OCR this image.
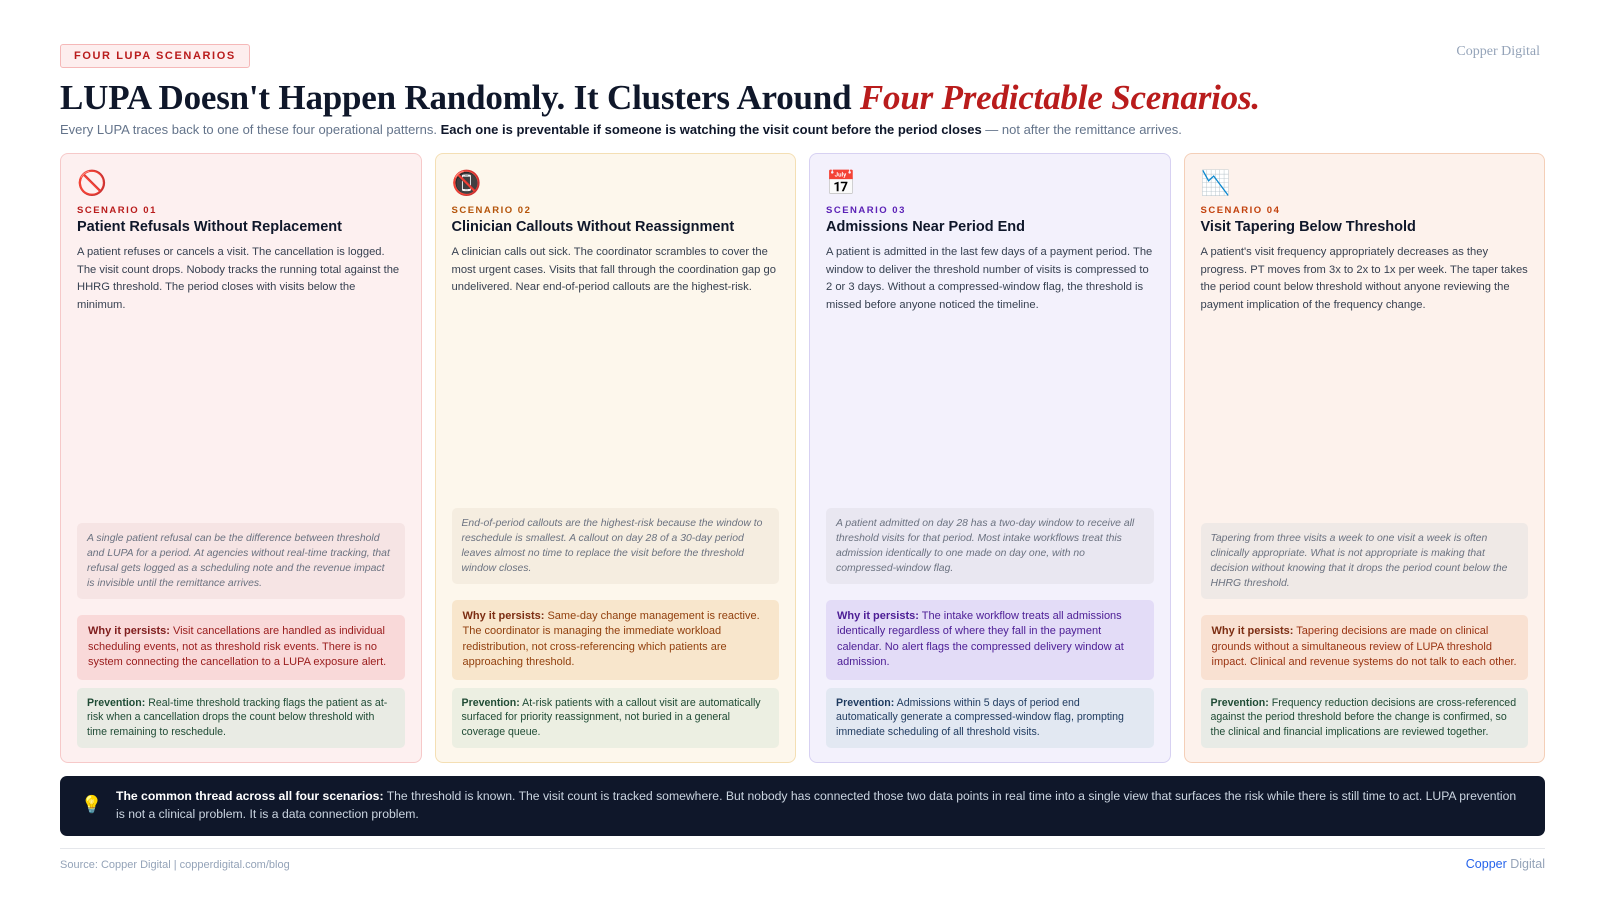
Copper Digital
FOUR LUPA SCENARIOS
LUPA Doesn't Happen Randomly. It Clusters Around Four Predictable Scenarios.

Every LUPA traces back to one of these four operational patterns. Each one is preventable if someone is watching the visit count before the period closes — not after the remittance arrives.

🚫
SCENARIO 01
Patient Refusals Without Replacement
A patient refuses or cancels a visit. The cancellation is logged. The visit count drops. Nobody tracks the running total against the HHRG threshold. The period closes with visits below the minimum.
A single patient refusal can be the difference between threshold and LUPA for a period. At agencies without real-time tracking, that refusal gets logged as a scheduling note and the revenue impact is invisible until the remittance arrives.
Why it persists: Visit cancellations are handled as individual scheduling events, not as threshold risk events. There is no system connecting the cancellation to a LUPA exposure alert.
Prevention: Real-time threshold tracking flags the patient as at-risk when a cancellation drops the count below threshold with time remaining to reschedule.
📵
SCENARIO 02
Clinician Callouts Without Reassignment
A clinician calls out sick. The coordinator scrambles to cover the most urgent cases. Visits that fall through the coordination gap go undelivered. Near end-of-period callouts are the highest-risk.
End-of-period callouts are the highest-risk because the window to reschedule is smallest. A callout on day 28 of a 30-day period leaves almost no time to replace the visit before the threshold window closes.
Why it persists: Same-day change management is reactive. The coordinator is managing the immediate workload redistribution, not cross-referencing which patients are approaching threshold.
Prevention: At-risk patients with a callout visit are automatically surfaced for priority reassignment, not buried in a general coverage queue.
📅
SCENARIO 03
Admissions Near Period End
A patient is admitted in the last few days of a payment period. The window to deliver the threshold number of visits is compressed to 2 or 3 days. Without a compressed-window flag, the threshold is missed before anyone noticed the timeline.
A patient admitted on day 28 has a two-day window to receive all threshold visits for that period. Most intake workflows treat this admission identically to one made on day one, with no compressed-window flag.
Why it persists: The intake workflow treats all admissions identically regardless of where they fall in the payment calendar. No alert flags the compressed delivery window at admission.
Prevention: Admissions within 5 days of period end automatically generate a compressed-window flag, prompting immediate scheduling of all threshold visits.
📉
SCENARIO 04
Visit Tapering Below Threshold
A patient's visit frequency appropriately decreases as they progress. PT moves from 3x to 2x to 1x per week. The taper takes the period count below threshold without anyone reviewing the payment implication of the frequency change.
Tapering from three visits a week to one visit a week is often clinically appropriate. What is not appropriate is making that decision without knowing that it drops the period count below the HHRG threshold.
Why it persists: Tapering decisions are made on clinical grounds without a simultaneous review of LUPA threshold impact. Clinical and revenue systems do not talk to each other.
Prevention: Frequency reduction decisions are cross-referenced against the period threshold before the change is confirmed, so the clinical and financial implications are reviewed together.
💡 The common thread across all four scenarios: The threshold is known. The visit count is tracked somewhere. But nobody has connected those two data points in real time into a single view that surfaces the risk while there is still time to act. LUPA prevention is not a clinical problem. It is a data connection problem.
Source: Copper Digital | copperdigital.com/blog	Copper Digital
